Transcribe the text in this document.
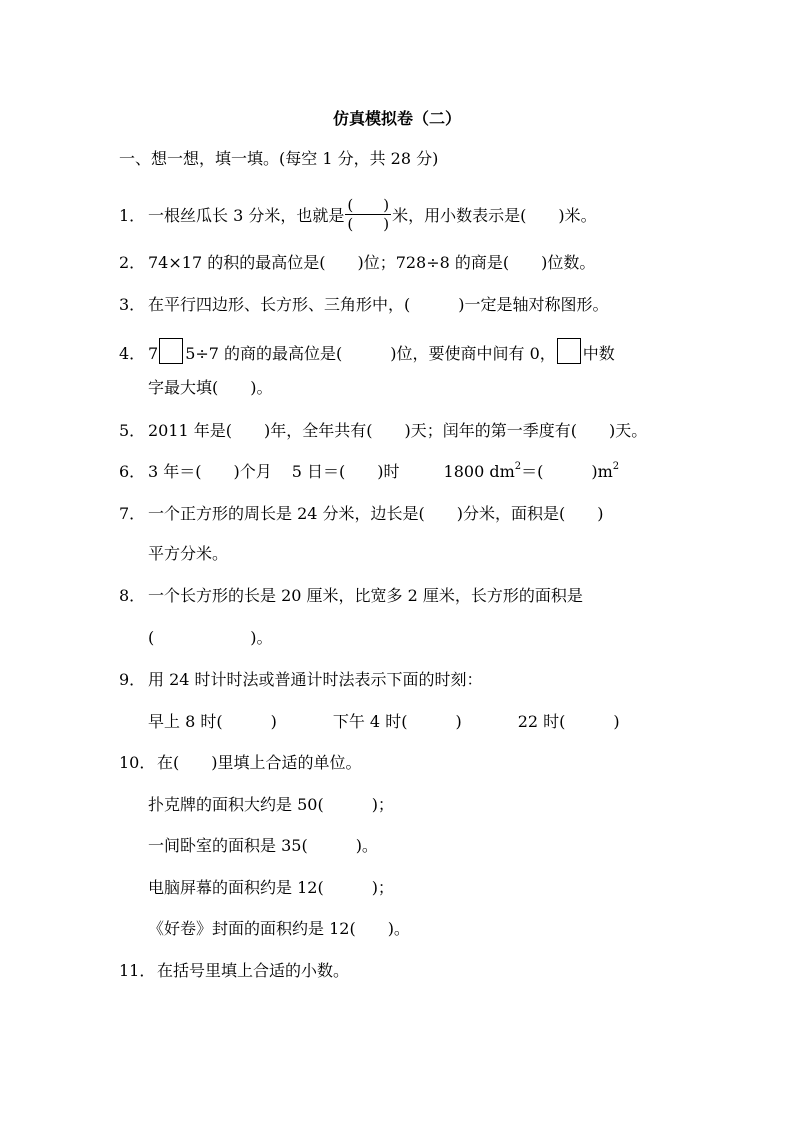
仿真模拟卷（二）
一、想一想，填一填。(每空 1 分，共 28 分)
1． 一根丝瓜长 3 分米，也就是 $\frac{( )}{( )}$ 米，用小数表示是(　　)米。
2． 74×17 的积的最高位是(　　)位；728÷8 的商是(　　)位数。
3． 在平行四边形、长方形、三角形中，(　　　)一定是轴对称图形。
4． 7 5÷7 的商的最高位是(　　　)位，要使商中间有 0， 中数
字最大填(　　)。
5． 2011 年是(　　)年，全年共有(　　)天；闰年的第一季度有(　　)天。
6． 3 年＝(　　)个月 5 日＝(　　)时	1800 $dm^2=$(　　　)$m^2$
7． 一个正方形的周长是 24 分米，边长是(　　)分米，面积是(　　)
平方分米。
8． 一个长方形的长是 20 厘米，比宽多 2 厘米，长方形的面积是
(　　　　　　)。
9． 用 24 时计时法或普通计时法表示下面的时刻：
早上 8 时(　　　)	下午 4 时(　　　)	22 时(　　　)
10． 在(　　)里填上合适的单位。
扑克牌的面积大约是 50(　　　)；
一间卧室的面积是 35(　　　)。
电脑屏幕的面积约是 12(　　　)；
《好卷》封面的面积约是 12(　　)。
11． 在括号里填上合适的小数。
